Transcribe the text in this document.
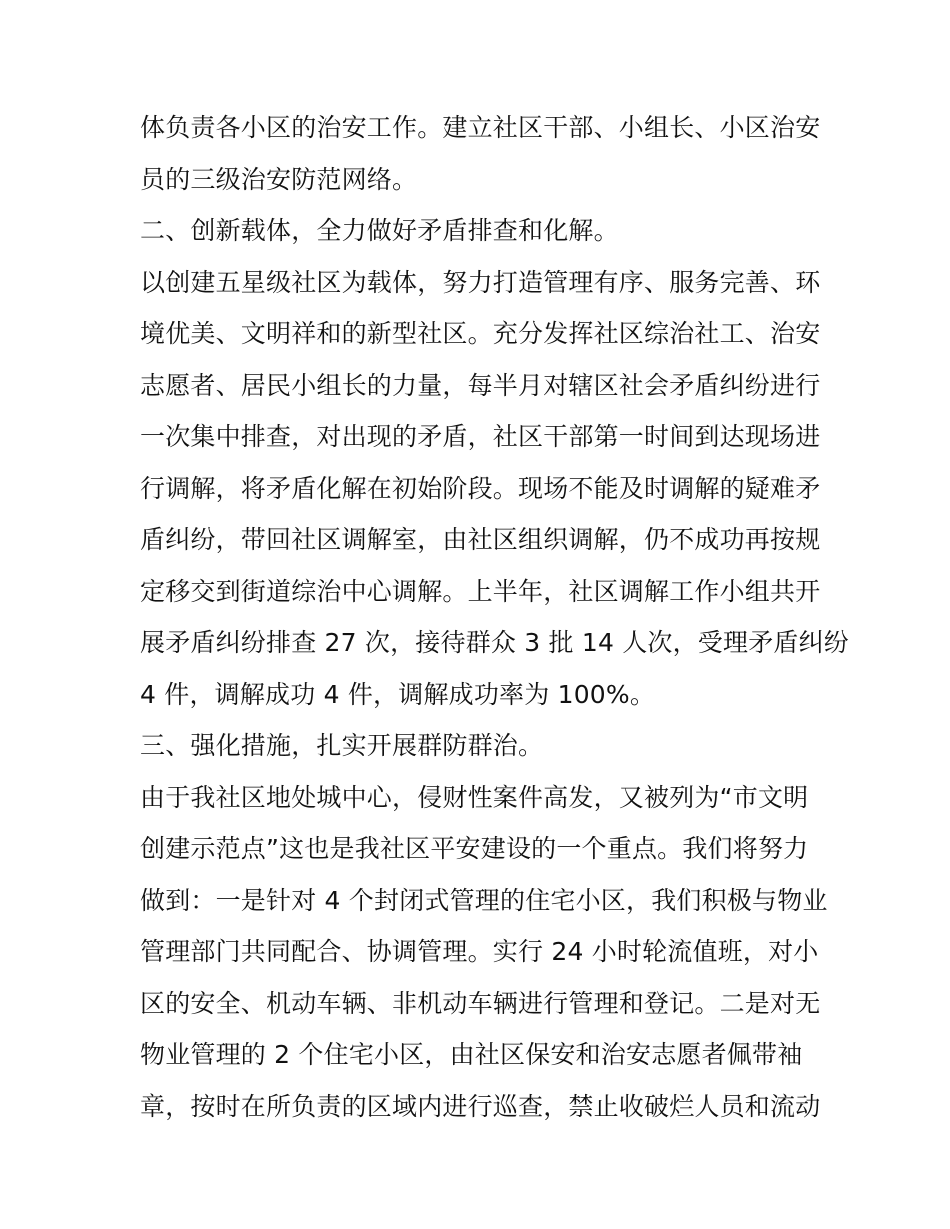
体负责各小区的治安工作。建立社区干部、小组长、小区治安
员的三级治安防范网络。
二、创新载体，全力做好矛盾排查和化解。
以创建五星级社区为载体，努力打造管理有序、服务完善、环
境优美、文明祥和的新型社区。充分发挥社区综治社工、治安
志愿者、居民小组长的力量，每半月对辖区社会矛盾纠纷进行
一次集中排查，对出现的矛盾，社区干部第一时间到达现场进
行调解，将矛盾化解在初始阶段。现场不能及时调解的疑难矛
盾纠纷，带回社区调解室，由社区组织调解，仍不成功再按规
定移交到街道综治中心调解。上半年，社区调解工作小组共开
展矛盾纠纷排查 27 次，接待群众 3 批 14 人次，受理矛盾纠纷
4 件，调解成功 4 件，调解成功率为 100%。
三、强化措施，扎实开展群防群治。
由于我社区地处城中心，侵财性案件高发，又被列为“市文明
创建示范点”这也是我社区平安建设的一个重点。我们将努力
做到：一是针对 4 个封闭式管理的住宅小区，我们积极与物业
管理部门共同配合、协调管理。实行 24 小时轮流值班，对小
区的安全、机动车辆、非机动车辆进行管理和登记。二是对无
物业管理的 2 个住宅小区，由社区保安和治安志愿者佩带袖
章，按时在所负责的区域内进行巡查，禁止收破烂人员和流动
